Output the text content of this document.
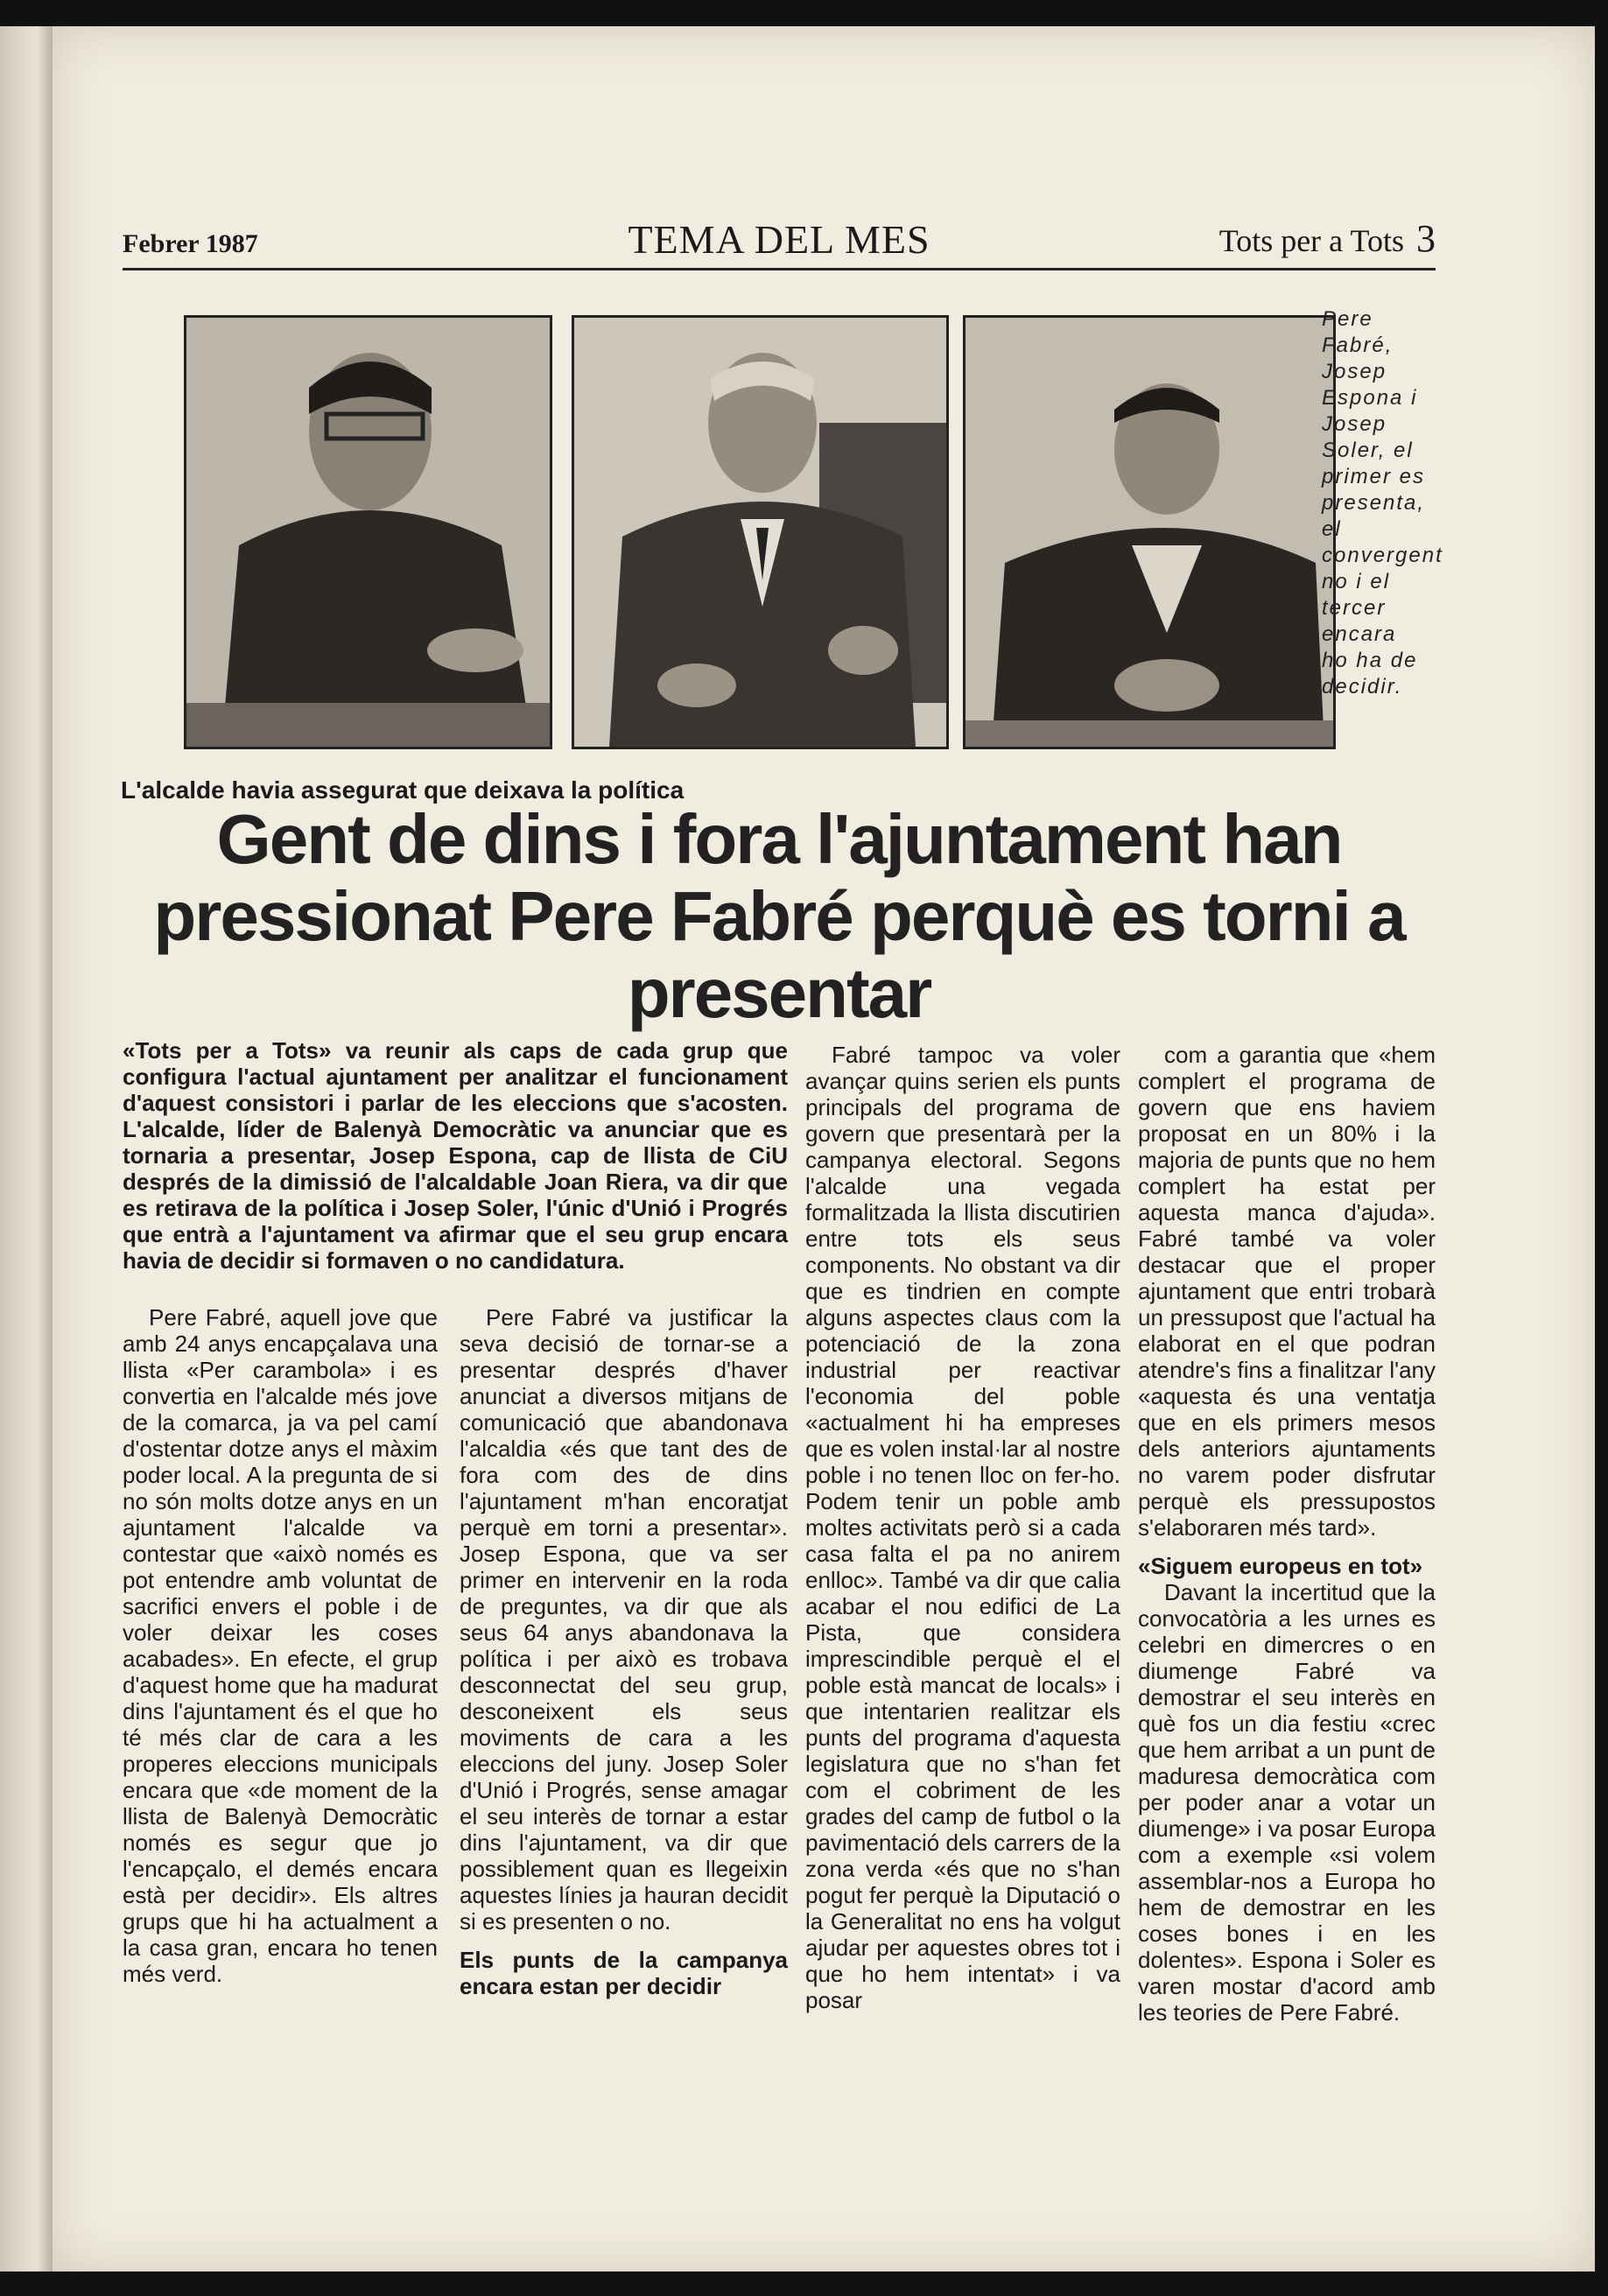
Febrer 1987	TEMA DEL MES	Tots per a Tots 3
Pere Fabré, Josep Espona i Josep Soler, el primer es presenta, el convergent no i el tercer encara ho ha de decidir.
L'alcalde havia assegurat que deixava la política
Gent de dins i fora l'ajuntament han pressionat Pere Fabré perquè es torni a presentar
«Tots per a Tots» va reunir als caps de cada grup que configura l'actual ajuntament per analitzar el funcionament d'aquest consistori i parlar de les eleccions que s'acosten. L'alcalde, líder de Balenyà Democràtic va anunciar que es tornaria a presentar, Josep Espona, cap de llista de CiU després de la dimissió de l'alcaldable Joan Riera, va dir que es retirava de la política i Josep Soler, l'únic d'Unió i Progrés que entrà a l'ajuntament va afirmar que el seu grup encara havia de decidir si formaven o no candidatura.

Pere Fabré, aquell jove que amb 24 anys encapçalava una llista «Per carambola» i es convertia en l'alcalde més jove de la comarca, ja va pel camí d'ostentar dotze anys el màxim poder local. A la pregunta de si no són molts dotze anys en un ajuntament l'alcalde va contestar que «això només es pot entendre amb voluntat de sacrifici envers el poble i de voler deixar les coses acabades». En efecte, el grup d'aquest home que ha madurat dins l'ajuntament és el que ho té més clar de cara a les properes eleccions municipals encara que «de moment de la llista de Balenyà Democràtic només es segur que jo l'encapçalo, el demés encara està per decidir». Els altres grups que hi ha actualment a la casa gran, encara ho tenen més verd.

Pere Fabré va justificar la seva decisió de tornar-se a presentar després d'haver anunciat a diversos mitjans de comunicació que abandonava l'alcaldia «és que tant des de fora com des de dins l'ajuntament m'han encoratjat perquè em torni a presentar». Josep Espona, que va ser primer en intervenir en la roda de preguntes, va dir que als seus 64 anys abandonava la política i per això es trobava desconnectat del seu grup, desconeixent els seus moviments de cara a les eleccions del juny. Josep Soler d'Unió i Progrés, sense amagar el seu interès de tornar a estar dins l'ajuntament, va dir que possiblement quan es llegeixin aquestes línies ja hauran decidit si es presenten o no.

Els punts de la campanya encara estan per decidir

Fabré tampoc va voler avançar quins serien els punts principals del programa de govern que presentarà per la campanya electoral. Segons l'alcalde una vegada formalitzada la llista discutirien entre tots els seus components. No obstant va dir que es tindrien en compte alguns aspectes claus com la potenciació de la zona industrial per reactivar l'economia del poble «actualment hi ha empreses que es volen instal·lar al nostre poble i no tenen lloc on fer-ho. Podem tenir un poble amb moltes activitats però si a cada casa falta el pa no anirem enlloc». També va dir que calia acabar el nou edifici de La Pista, que considera imprescindible perquè el el poble està mancat de locals» i que intentarien realitzar els punts del programa d'aquesta legislatura que no s'han fet com el cobriment de les grades del camp de futbol o la pavimentació dels carrers de la zona verda «és que no s'han pogut fer perquè la Diputació o la Generalitat no ens ha volgut ajudar per aquestes obres tot i que ho hem intentat» i va posar

com a garantia que «hem complert el programa de govern que ens haviem proposat en un 80% i la majoria de punts que no hem complert ha estat per aquesta manca d'ajuda». Fabré també va voler destacar que el proper ajuntament que entri trobarà un pressupost que l'actual ha elaborat en el que podran atendre's fins a finalitzar l'any «aquesta és una ventatja que en els primers mesos dels anteriors ajuntaments no varem poder disfrutar perquè els pressupostos s'elaboraren més tard».

«Siguem europeus en tot»

Davant la incertitud que la convocatòria a les urnes es celebri en dimercres o en diumenge Fabré va demostrar el seu interès en què fos un dia festiu «crec que hem arribat a un punt de maduresa democràtica com per poder anar a votar un diumenge» i va posar Europa com a exemple «si volem assemblar-nos a Europa ho hem de demostrar en les coses bones i en les dolentes». Espona i Soler es varen mostar d'acord amb les teories de Pere Fabré.
